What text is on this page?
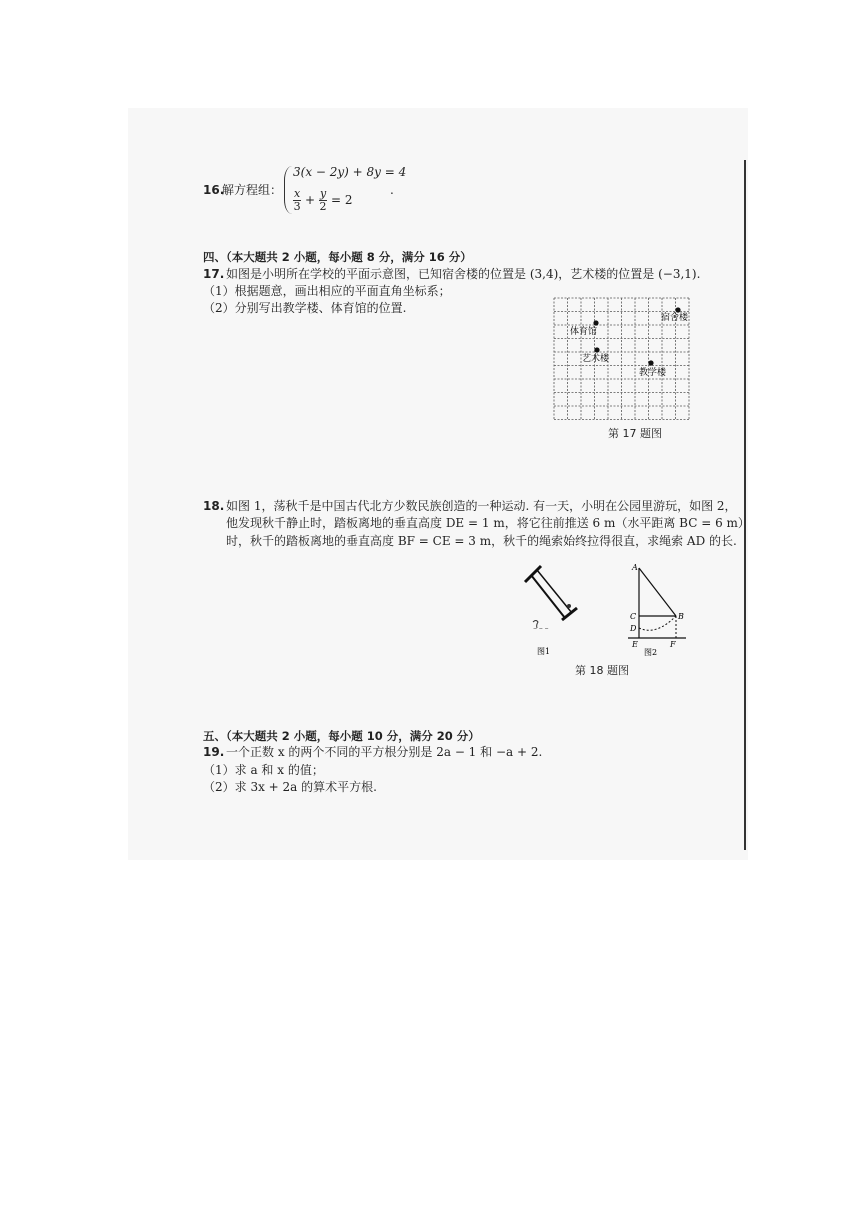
16.
解方程组：
3(x − 2y) + 8y = 4
$\frac{x}{3} + \frac{y}{2} = 2$
.
四、（本大题共 2 小题，每小题 8 分，满分 16 分）
17. 如图是小明所在学校的平面示意图，已知宿舍楼的位置是 (3,4)，艺术楼的位置是 (−3,1).
（1）根据题意，画出相应的平面直角坐标系；
（2）分别写出教学楼、体育馆的位置.
宿舍楼
体育馆
艺术楼
教学楼
第 17 题图
18. 如图 1，荡秋千是中国古代北方少数民族创造的一种运动. 有一天，小明在公园里游玩，如图 2，
他发现秋千静止时，踏板离地的垂直高度 DE = 1 m，将它往前推送 6 m（水平距离 BC = 6 m）
时，秋千的踏板离地的垂直高度 BF = CE = 3 m，秋千的绳索始终拉得很直，求绳索 AD 的长.
~ ~ ~
图1
A
B
C
D
E	F
图2
第 18 题图
五、（本大题共 2 小题，每小题 10 分，满分 20 分）
19. 一个正数 x 的两个不同的平方根分别是 2a − 1 和 −a + 2.
（1）求 a 和 x 的值；
（2）求 3x + 2a 的算术平方根.
